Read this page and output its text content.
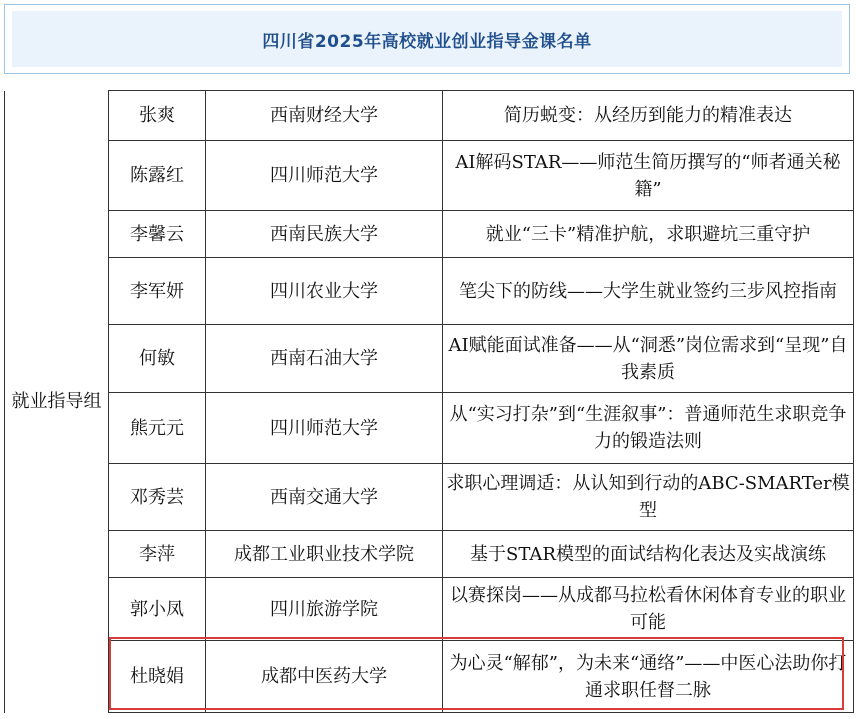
四川省2025年高校就业创业指导金课名单
就业指导组	张爽	西南财经大学	简历蜕变：从经历到能力的精准表达
	陈露红	四川师范大学	AI解码STAR——师范生简历撰写的“师者通关秘籍”
	李馨云	西南民族大学	就业“三卡”精准护航，求职避坑三重守护
	李军妍	四川农业大学	笔尖下的防线——大学生就业签约三步风控指南
	何敏	西南石油大学	AI赋能面试准备——从“洞悉”岗位需求到“呈现”自我素质
	熊元元	四川师范大学	从“实习打杂”到“生涯叙事”：普通师范生求职竞争力的锻造法则
	邓秀芸	西南交通大学	求职心理调适：从认知到行动的ABC-SMARTer模型
	李萍	成都工业职业技术学院	基于STAR模型的面试结构化表达及实战演练
	郭小凤	四川旅游学院	以赛探岗——从成都马拉松看休闲体育专业的职业可能
	杜晓娟	成都中医药大学	为心灵“解郁”，为未来“通络”——中医心法助你打通求职任督二脉
